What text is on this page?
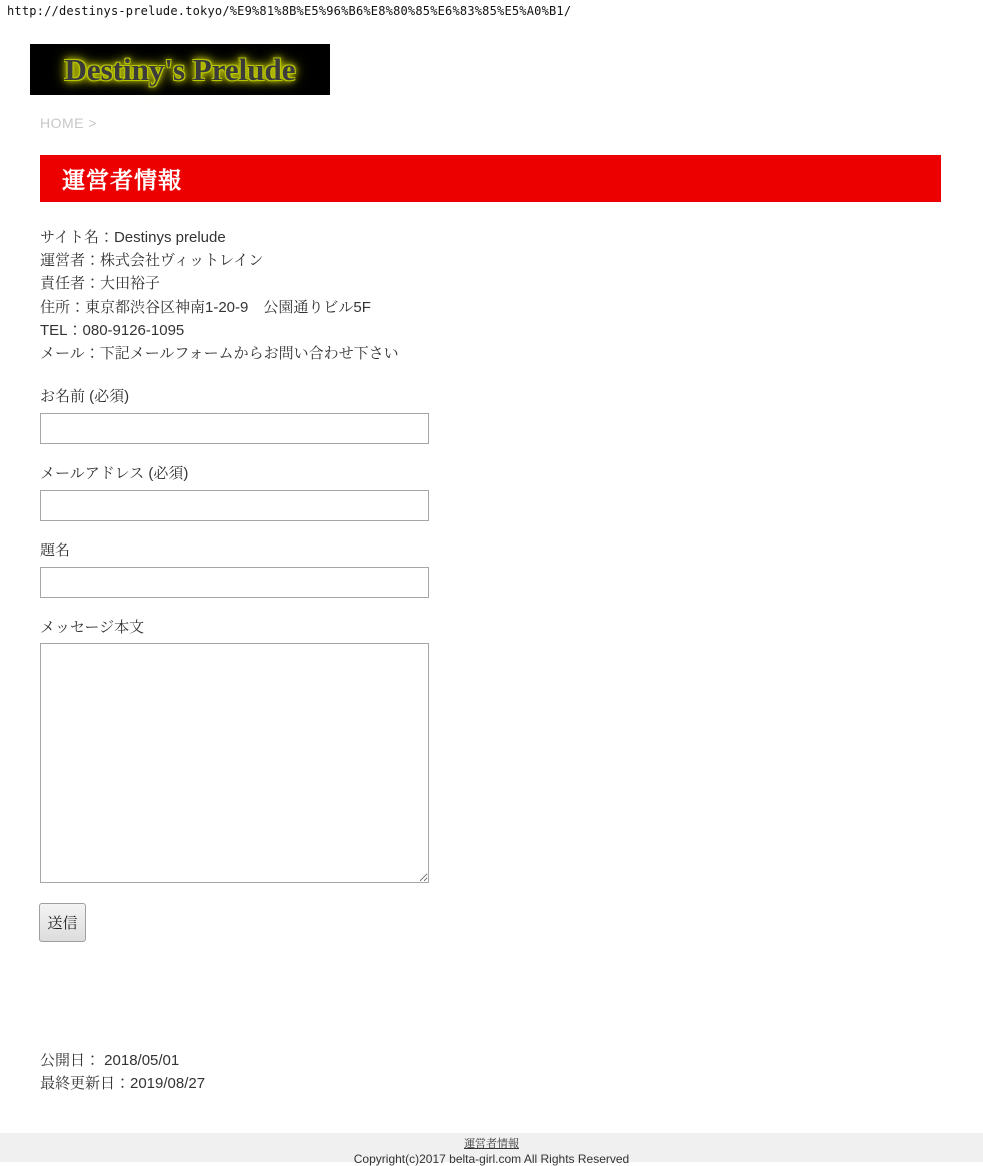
http://destinys-prelude.tokyo/%E9%81%8B%E5%96%B6%E8%80%85%E6%83%85%E5%A0%B1/
Destiny's Prelude
HOME >
運営者情報
サイト名：Destinys prelude
運営者：株式会社ヴィットレイン
責任者：大田裕子
住所：東京都渋谷区神南1-20-9　公園通りビル5F
TEL：080-9126-1095
メール：下記メールフォームからお問い合わせ下さい
お名前 (必須)
メールアドレス (必須)
題名
メッセージ本文
送信
公開日： 2018/05/01
最終更新日：2019/08/27
運営者情報
Copyright(c)2017 belta-girl.com All Rights Reserved
